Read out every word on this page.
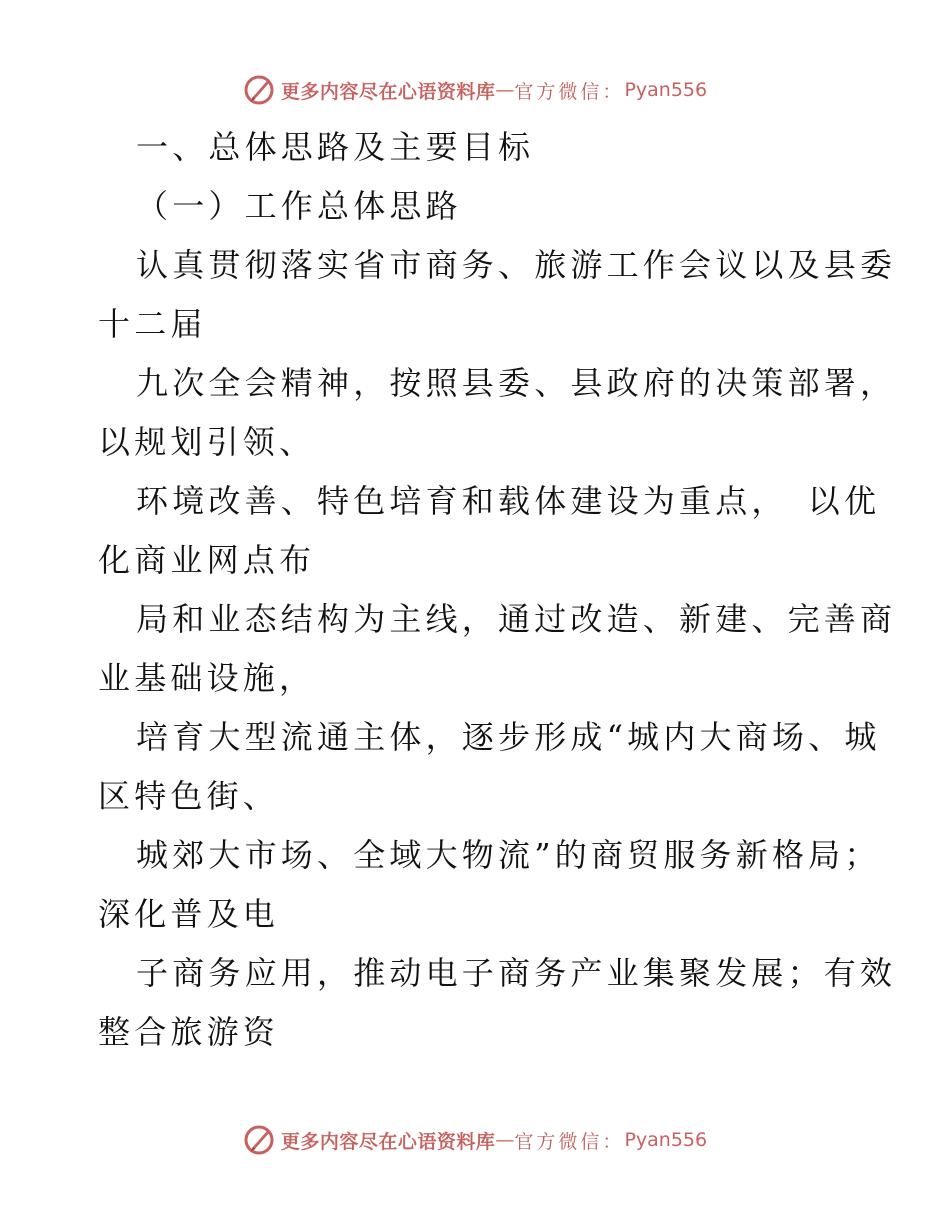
更多内容尽在心语资料库 — 官方微信： Pyan556
一、总体思路及主要目标
（一）工作总体思路
认真贯彻落实省市商务、旅游工作会议以及县委
十二届
九次全会精神，按照县委、县政府的决策部署，
以规划引领、
环境改善、特色培育和载体建设为重点，　以优
化商业网点布
局和业态结构为主线，通过改造、新建、完善商
业基础设施，
培育大型流通主体，逐步形成“城内大商场、城
区特色街、
城郊大市场、全域大物流”的商贸服务新格局；
深化普及电
子商务应用，推动电子商务产业集聚发展；有效
整合旅游资
更多内容尽在心语资料库 — 官方微信： Pyan556
